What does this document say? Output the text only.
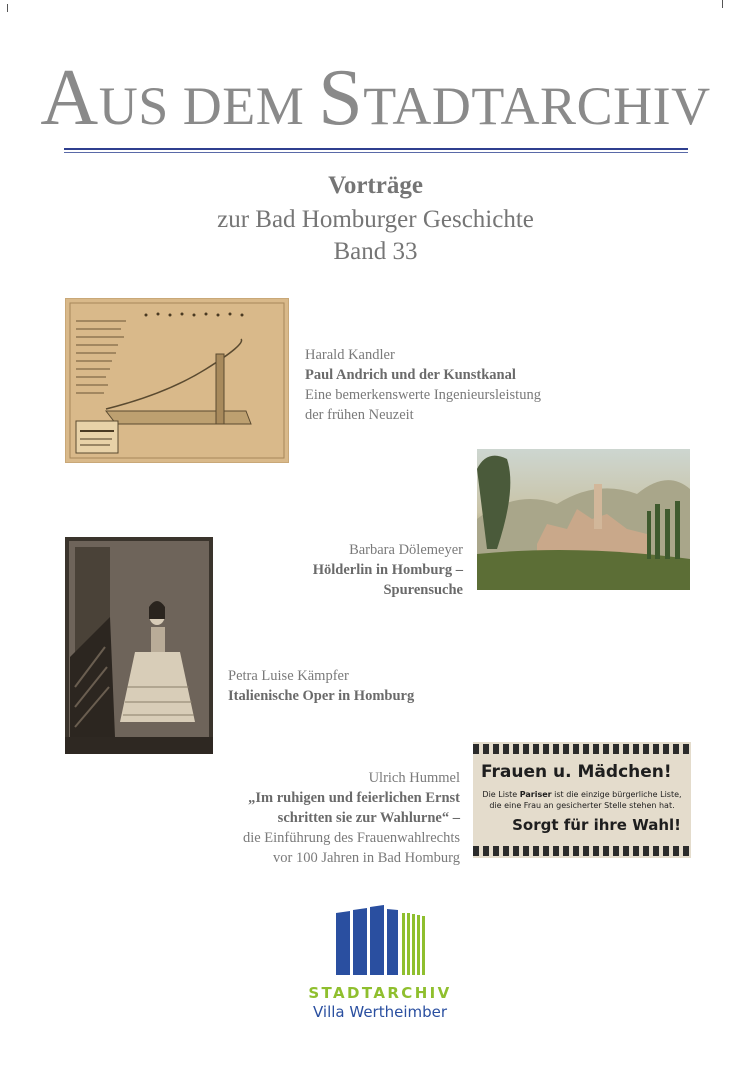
AUS DEM STADTARCHIV
Vorträge
zur Bad Homburger Geschichte
Band 33
Harald Kandler
Paul Andrich und der Kunstkanal
Eine bemerkenswerte Ingenieursleistung
der frühen Neuzeit
Barbara Dölemeyer
Hölderlin in Homburg –
Spurensuche
Petra Luise Kämpfer
Italienische Oper in Homburg
Frauen u. Mädchen!
Die Liste Pariser ist die einzige bürgerliche Liste,
die eine Frau an gesicherter Stelle stehen hat.
Sorgt für ihre Wahl!
Ulrich Hummel
„Im ruhigen und feierlichen Ernst
schritten sie zur Wahlurne“ –
die Einführung des Frauenwahlrechts
vor 100 Jahren in Bad Homburg
STADTARCHIV
Villa Wertheimber
